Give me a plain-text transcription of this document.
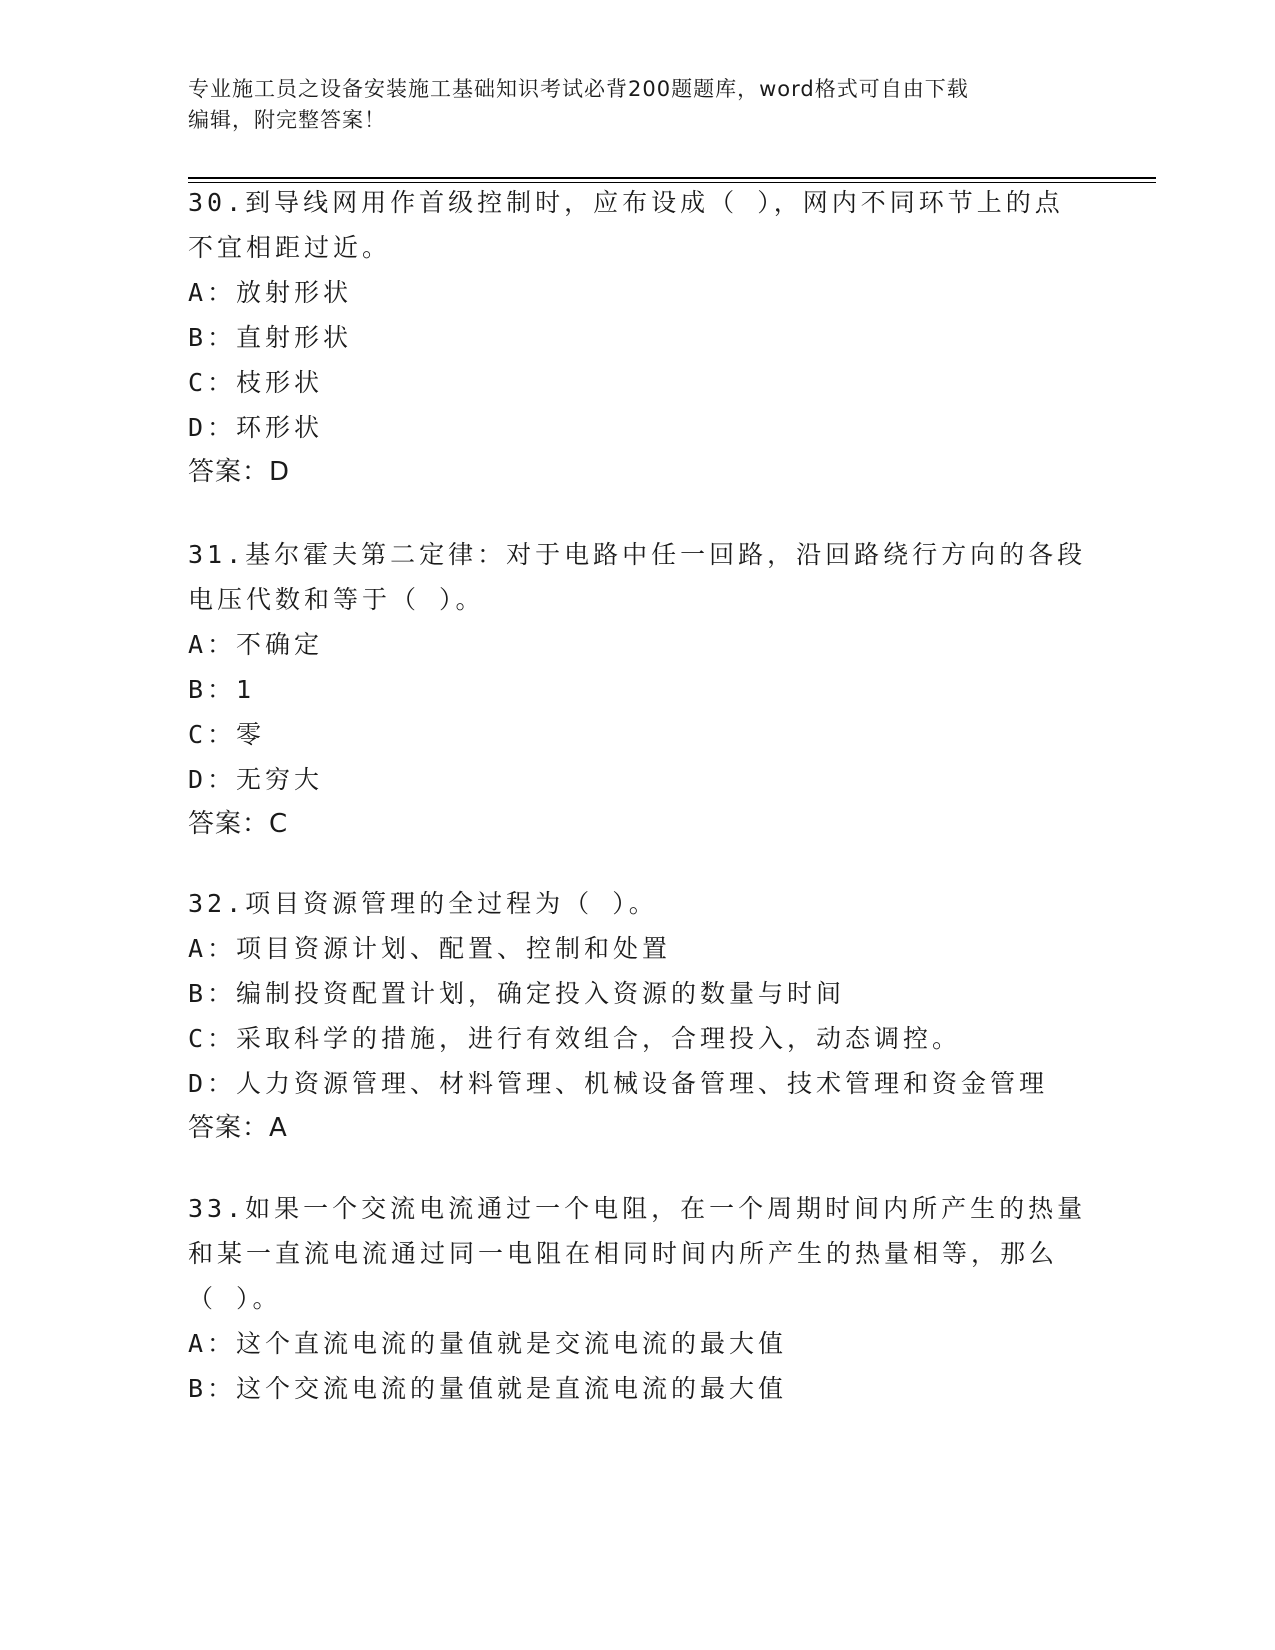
专业施工员之设备安装施工基础知识考试必背200题题库，word格式可自由下载
编辑，附完整答案！
30.到导线网用作首级控制时，应布设成（ ），网内不同环节上的点
不宜相距过近。
A：放射形状
B：直射形状
C：枝形状
D：环形状
答案：D
31.基尔霍夫第二定律：对于电路中任一回路，沿回路绕行方向的各段
电压代数和等于（ ）。
A：不确定
B：1
C：零
D：无穷大
答案：C
32.项目资源管理的全过程为（ ）。
A：项目资源计划、配置、控制和处置
B：编制投资配置计划，确定投入资源的数量与时间
C：采取科学的措施，进行有效组合，合理投入，动态调控。
D：人力资源管理、材料管理、机械设备管理、技术管理和资金管理
答案：A
33.如果一个交流电流通过一个电阻，在一个周期时间内所产生的热量
和某一直流电流通过同一电阻在相同时间内所产生的热量相等，那么
（ ）。
A：这个直流电流的量值就是交流电流的最大值
B：这个交流电流的量值就是直流电流的最大值
